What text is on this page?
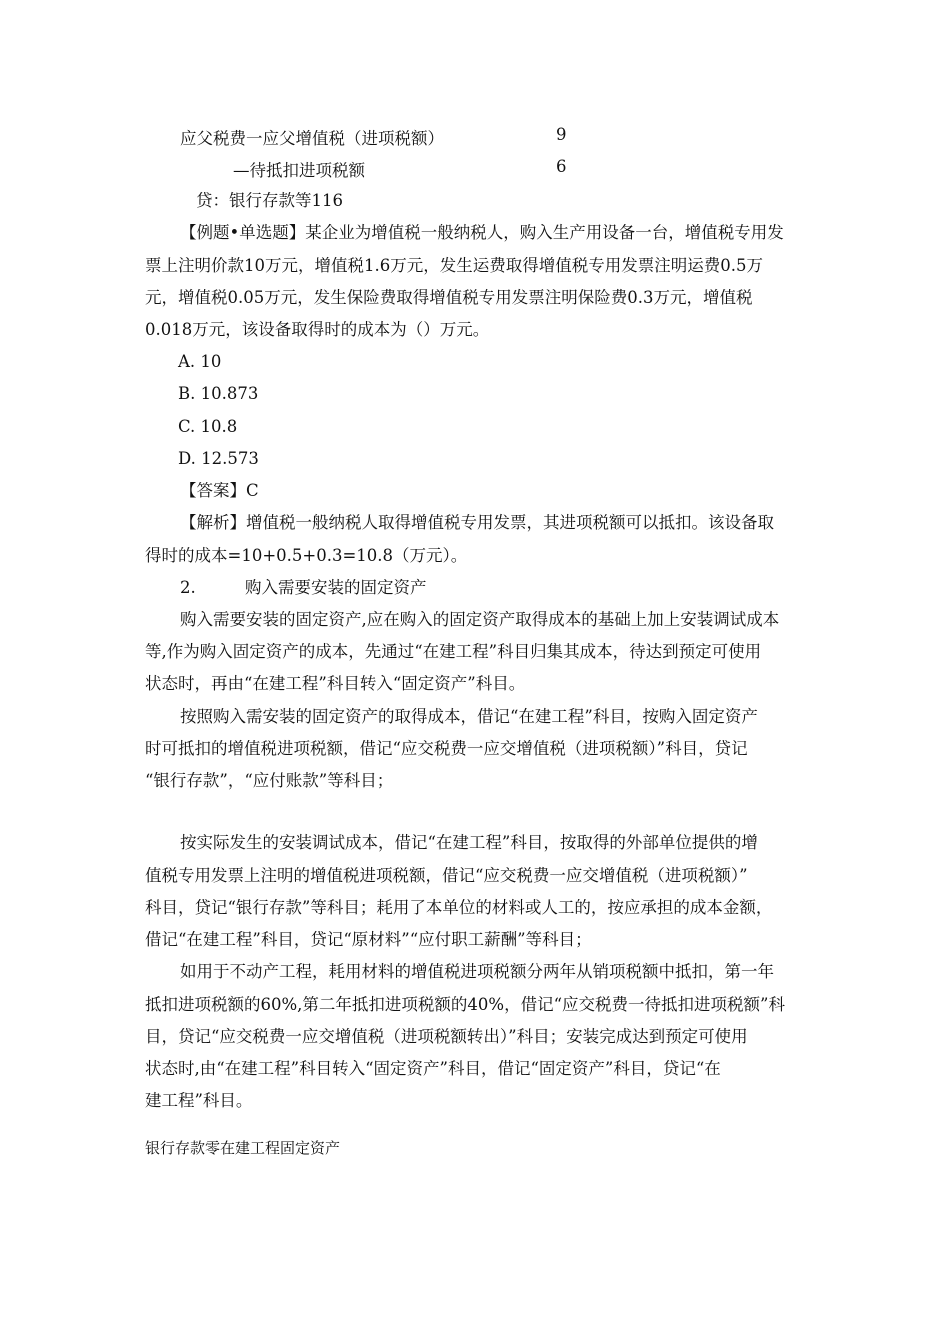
应父税费一应父增值税（进项税额）	9
—待抵扣进项税额	6
贷：银行存款等116
【例题•单选题】某企业为增值税一般纳税人，购入生产用设备一台，增值税专用发
票上注明价款10万元，增值税1.6万元，发生运费取得增值税专用发票注明运费0.5万
元，增值税0.05万元，发生保险费取得增值税专用发票注明保险费0.3万元，增值税
0.018万元，该设备取得时的成本为（）万元。
A. 10
B. 10.873
C. 10.8
D. 12.573
【答案】C
【解析】增值税一般纳税人取得增值税专用发票，其进项税额可以抵扣。该设备取
得时的成本=10+0.5+0.3=10.8（万元）。
2.	购入需要安装的固定资产
购入需要安装的固定资产,应在购入的固定资产取得成本的基础上加上安装调试成本
等,作为购入固定资产的成本，先通过“在建工程”科目归集其成本，待达到预定可使用
状态时，再由“在建工程”科目转入“固定资产”科目。
按照购入需安装的固定资产的取得成本，借记“在建工程”科目，按购入固定资产
时可抵扣的增值税进项税额，借记“应交税费一应交增值税（进项税额）”科目，贷记
“银行存款”，“应付账款”等科目；
按实际发生的安装调试成本，借记“在建工程”科目，按取得的外部单位提供的增
值税专用发票上注明的增值税进项税额，借记“应交税费一应交增值税（进项税额）”
科目，贷记“银行存款”等科目；耗用了本单位的材料或人工的，按应承担的成本金额，
借记“在建工程”科目，贷记“原材料”“应付职工薪酬”等科目；
如用于不动产工程，耗用材料的增值税进项税额分两年从销项税额中抵扣，第一年
抵扣进项税额的60%,第二年抵扣进项税额的40%，借记“应交税费一待抵扣进项税额”科
目，贷记“应交税费一应交增值税（进项税额转出）”科目；安装完成达到预定可使用
状态时,由“在建工程”科目转入“固定资产”科目，借记“固定资产”科目，贷记“在
建工程”科目。
银行存款零在建工程固定资产
